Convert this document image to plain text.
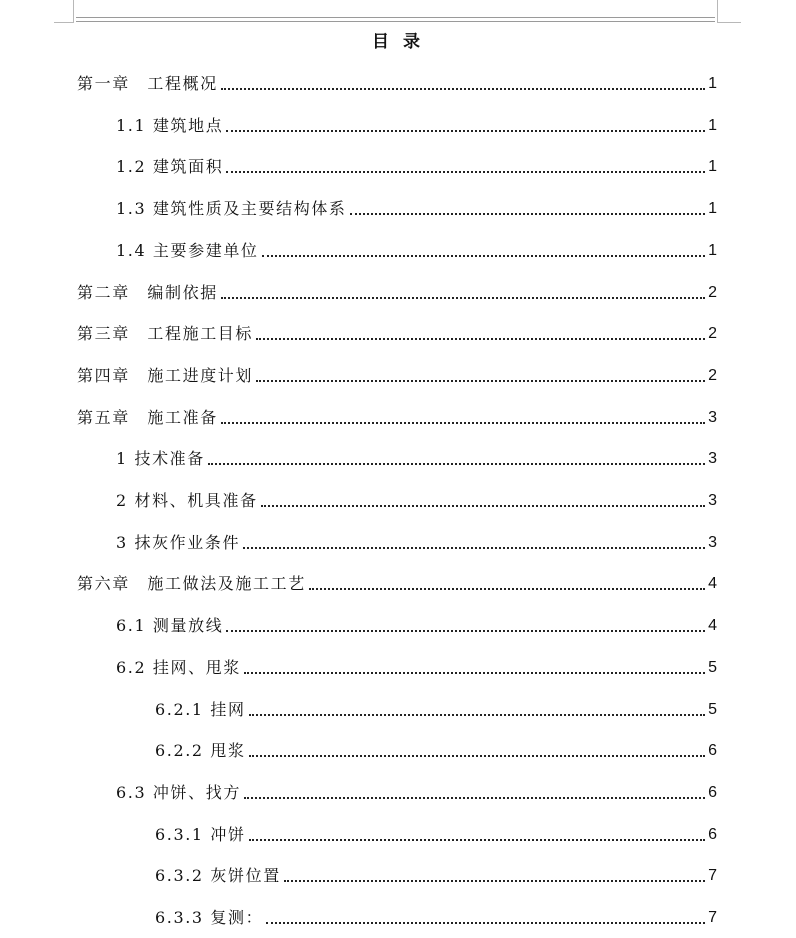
目 录
第一章　工程概况	1
1.1 建筑地点	1
1.2 建筑面积	1
1.3 建筑性质及主要结构体系	1
1.4 主要参建单位	1
第二章　编制依据	2
第三章　工程施工目标	2
第四章　施工进度计划	2
第五章　施工准备	3
1 技术准备	3
2 材料、机具准备	3
3 抹灰作业条件	3
第六章　施工做法及施工工艺	4
6.1 测量放线	4
6.2 挂网、甩浆	5
6.2.1 挂网	5
6.2.2 甩浆	6
6.3 冲饼、找方	6
6.3.1 冲饼	6
6.3.2 灰饼位置	7
6.3.3 复测：	7
